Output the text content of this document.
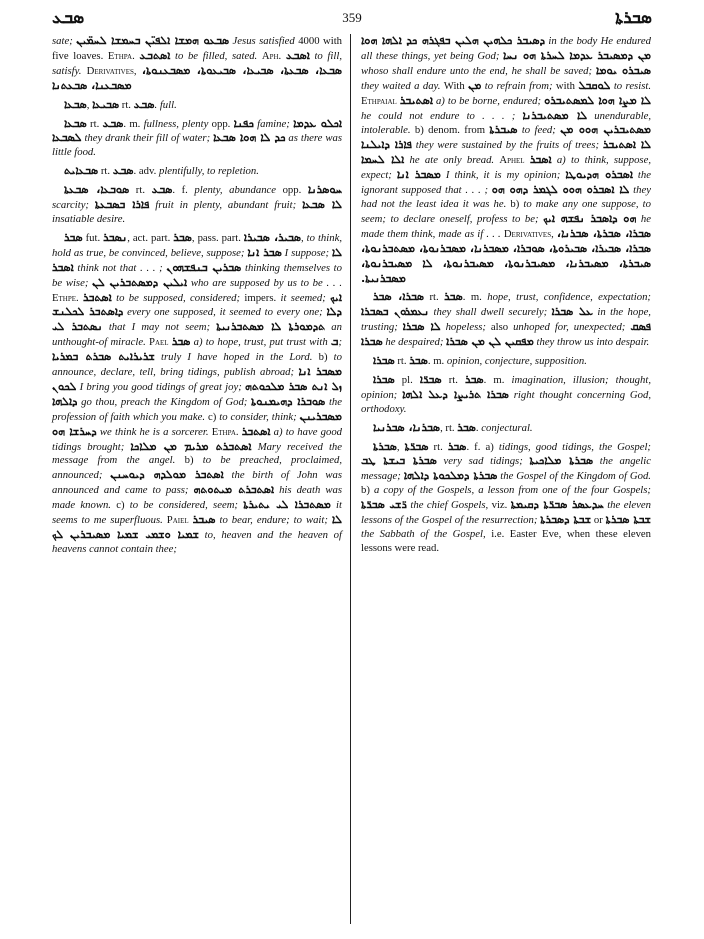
ܣܒܥ	359	ܣܒܪܬܐ

sate; ܣܒܥܘ ܗܡܫܐ ܐܠܦܝ̈ܢ ܒܚܡܫܐ ܠܚܡ̈ܝܢ Jesus satisfied 4000 with five loaves. Ethpa. ܐܣܬܒܥ to be filled, sated. Aph. ܐܣܒܥ to fill, satisfy. Derivatives, ܣܒܥܐ، ܣܒܥܬܐ، ܣܒܝܥܐ، ܣܒܝܥܘܬܐ، ܡܣܒܥܢܘܬܐ، ܡܣܒܥܢܐ، ܣܒܥܬܢܐ

ܣܒܥܐ, ܣܒܝܥܐ rt. ܣܒܥ. full.

ܣܒܥܐ rt. ܣܒܥ. m. fullness, plenty opp. ܟܦܢܐ famine; ܐܟܠܘ ܥܕܡܐ ܠܣܒܥܐ they drank their fill of water; ܟܕ ܠܐ ܗܘܐ ܣܒܥܐ as there was little food.

ܣܒܥܐܝܬ rt. ܣܒܥ. adv. plentifully, to repletion.

ܣܘܒܥܐ، ܣܒܥܬܐ rt. ܣܒܥ. f. plenty, abundance opp. ܚܘܣܪܢܐ scarcity; ܦܐܪܐ ܒܣܒܥܬܐ fruit in plenty, abundant fruit; ܠܐ ܣܒܥܐ insatiable desire.

ܣܒܪ fut. ܢܣܒܪ, act. part. ܣܒܪ, pass. part. ܣܒܝܪ، ܣܒܝܪܐ, to think, hold as true, be convinced, believe, suppose; ܣܒܪ ܐܢܐ I suppose; ܠܐ ܐܣܒܪ think not that . . . ; ܣܒܪܝܢ ܒܢܦܫܗܘܢ thinking themselves to be wise; ܐܝܠܝܢ ܕܡܣܬܒܪܝܢ ܠܢ who are supposed by us to be . . . Ethpe. ܐܣܬܒܪ to be supposed, considered; impers. it seemed; ܐܝܟ ܕܐܣܬܒܪ ܠܟܠܢܫ every one supposed, it seemed to every one; ܕܠܐ ܢܣܬܒܪ ܠܝ that I may not seem; ܬܕܡܘܪܬܐ ܠܐ ܡܣܬܒܪܢܝܬܐ an unthought-of miracle. Pael ܣܒܪ a) to hope, trust, put trust with ܒ; ܫܪܝܪܐܝܬ ܣܒܪܬ ܒܡܪܝܐ truly I have hoped in the Lord. b) to announce, declare, tell, bring tidings, publish abroad; ܡܣܒܪ ܐܢܐ ܠܟܘܢ I bring you good tidings of great joy; ܙܠ ܐܢܬ ܣܒܪ ܡܠܟܘܬܗ ܕܐܠܗܐ go thou, preach the Kingdom of God; ܣܘܒܪܐ ܕܗܝܡܢܘܬܐ the profession of faith which you make. c) to consider, think; ܡܣܒܪܝܢܢ ܕܚܪܫܐ ܗܘ we think he is a sorcerer. Ethpa. ܐܣܬܒܪ a) to have good tidings brought; ܐܣܬܒܪܬ ܡܪܝܡ ܡܢ ܡܠܐܟܐ Mary received the message from the angel. b) to be preached, proclaimed, announced; ܐܣܬܒܪ ܡܘܠܕܗ ܕܝܘܚܢܢ the birth of John was announced and came to pass; ܐܣܬܒܪܬ ܡܝܬܘܬܗ his death was made known. c) to be considered, seem; ܡܣܬܒܪܐ ܠܝ ܝܬܝܪܬܐ it seems to me superfluous. Paiel ܣܝܒܪ to bear, endure; to wait; ܠܐ ܫܡܝܐ ܘܫܡܝ ܫܡܝܐ ܡܣܝܒܪܝܢ ܠܟ to, heaven and the heaven of heavens cannot contain thee;

ܕܣܝܒܪ ܟܠܗܝܢ ܗܠܝܢ ܒܦܓܪܗ ܟܕ ܐܠܗܐ ܗܘܐ in the body He endured all these things, yet being God; ܡܢ ܕܡܣܝܒܪ ܥܕܡܐ ܠܚܪܬܐ ܗܘ ܢܚܐ whoso shall endure unto the end, he shall be saved; ܣܝܒܪܘ ܝܘܡܐ they waited a day. With ܡܢ to refrain from; with ܠܘܩܒܠ to resist. Ethpaial ܐܣܬܝܒܪ a) to be borne, endured; ܠܐ ܡܨܐ ܗܘܐ ܠܡܣܬܝܒܪܘ he could not endure to . . . ; ܠܐ ܡܣܬܝܒܪܢܐ unendurable, intolerable. b) denom. from ܣܝܒܪܬܐ to feed; ܡܣܬܝܒܪܝܢ ܗܘܘ ܡܢ ܦܐܪܐ ܕܐܝܠܢܐ they were sustained by the fruits of trees; ܠܐ ܐܣܬܝܒܪ ܐܠܐ ܠܚܡܐ he ate only bread. Aphel ܐܣܒܪ a) to think, suppose, expect; ܡܣܒܪ ܐܢܐ I think, it is my opinion; ܐܣܒܪܘ ܗܕܝܘܛܐ the ignorant supposed that . . . ; ܠܐ ܐܣܒܪܘ ܗܘܘ ܠܓܡܪ ܕܗܘ ܗܘ they had not the least idea it was he. b) to make any one suppose, to seem; to declare oneself, profess to be; ܗܘ ܕܐܣܒܪ ܢܦܫܗ ܐܝܟ he made them think, made as if . . . Derivatives, ܣܒܪܐ، ܣܒܪܬܐ، ܣܒܪܢܐ، ܣܒܪܐ، ܣܒܝܪܐ، ܣܒܝܪܘܬܐ، ܣܘܒܪܐ، ܡܣܒܪܢܐ، ܡܣܒܪܢܘܬܐ، ܡܣܬܒܪܢܘܬܐ، ܣܝܒܪܬܐ، ܡܣܝܒܪܢܐ، ܡܣܝܒܪܢܘܬܐ، ܡܣܝܒܪܢܘܬܐ، ܠܐ ܡܣܝܒܪܢܘܬܐ، ܡܣܒܪܢܝܬܐ.

ܣܒܪܐ، ܣܒܪ rt. ܣܒܪ. m. hope, trust, confidence, expectation; ܢܥܡܪܘܢ ܒܣܒܪܐ they shall dwell securely; ܥܠ ܣܒܪܐ in the hope, trusting; ܠܐ ܣܒܪܐ hopeless; also unhoped for, unexpected; ܦܣܩ ܣܒܪܐ he despaired; ܡܦܩܝܢ ܠܢ ܡܢ ܣܒܪܐ they throw us into despair.

ܣܒܪܐ rt. ܣܒܪ. m. opinion, conjecture, supposition.

ܣܒܪܐ pl. ܣܒܪ̈ܐ rt. ܣܒܪ. m. imagination, illusion; thought, opinion; ܣܒܪܐ ܬܪܝܨܐ ܕܥܠ ܐܠܗܐ right thought concerning God, orthodoxy.

ܣܒܪܢܐ، ܣܒܪܢܝܐ, rt. ܣܒܪ. conjectural.

ܣܒܪܬܐ, ܣܒܪ̈ܬܐ rt. ܣܒܪ. f. a) tidings, good tidings, the Gospel; ܣܒܪܬܐ ܒܝܫܬܐ ܛܒ very sad tidings; ܣܒܪܬܐ ܡܠܐܟܝܬܐ the angelic message; ܣܒܪܬܐ ܕܡܠܟܘܬܐ ܕܐܠܗܐ the Gospel of the Kingdom of God. b) a copy of the Gospels, a lesson from one of the four Gospels; ܪ̈ܫܝ ܣܒܪ̈ܬܐ the chief Gospels, viz. ܚܕܥܣܪ ܣܒܪ̈ܬܐ ܕܩܝܡܬܐ the eleven lessons of the Gospel of the resurrection; ܫܒܬܐ ܕܣܒܪܬܐ or ܫܒܬܐ ܣܒܪܬܐ the Sabbath of the Gospel, i.e. Easter Eve, when these eleven lessons were read.
